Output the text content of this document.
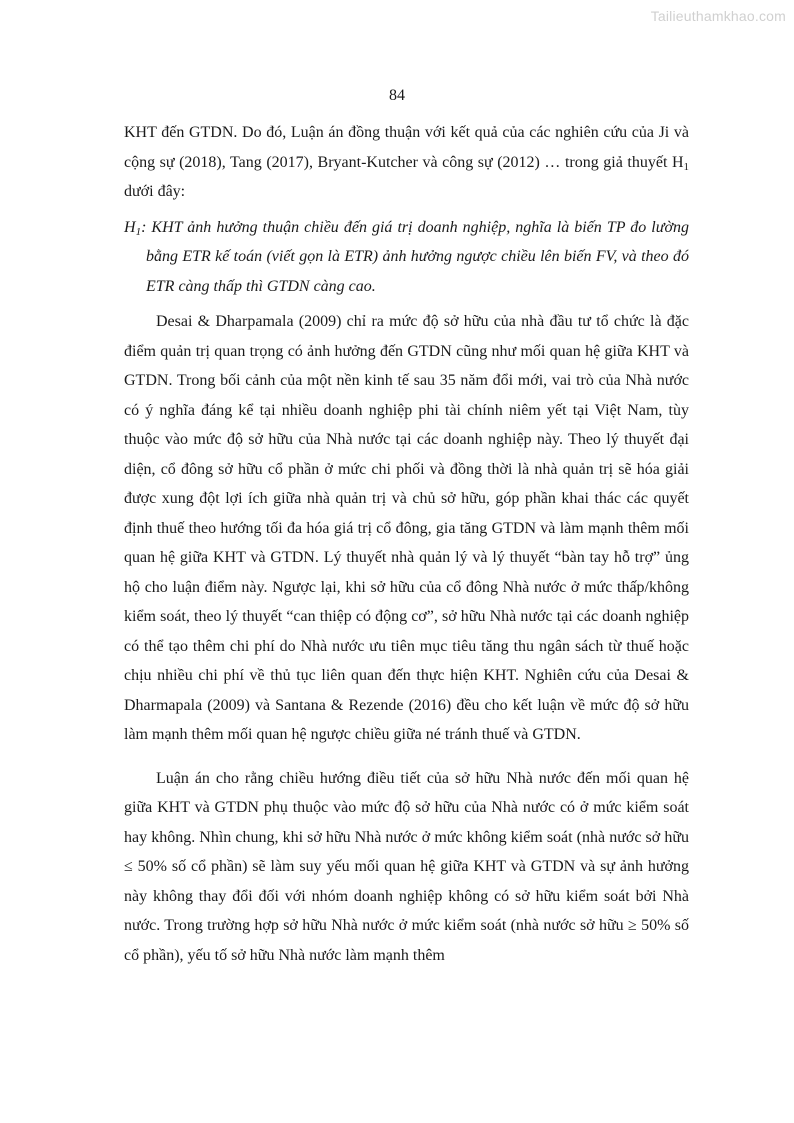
Tailieuthamkhao.com
84

KHT đến GTDN. Do đó, Luận án đồng thuận với kết quả của các nghiên cứu của Ji và cộng sự (2018), Tang (2017), Bryant-Kutcher và công sự (2012) … trong giả thuyết $H_1$ dưới đây:

$H_1$: KHT ảnh hưởng thuận chiều đến giá trị doanh nghiệp, nghĩa là biến TP đo lường bằng ETR kế toán (viết gọn là ETR) ảnh hưởng ngược chiều lên biến FV, và theo đó ETR càng thấp thì GTDN càng cao.

Desai & Dharpamala (2009) chỉ ra mức độ sở hữu của nhà đầu tư tổ chức là đặc điểm quản trị quan trọng có ảnh hưởng đến GTDN cũng như mối quan hệ giữa KHT và GTDN. Trong bối cảnh của một nền kinh tế sau 35 năm đổi mới, vai trò của Nhà nước có ý nghĩa đáng kể tại nhiều doanh nghiệp phi tài chính niêm yết tại Việt Nam, tùy thuộc vào mức độ sở hữu của Nhà nước tại các doanh nghiệp này. Theo lý thuyết đại diện, cổ đông sở hữu cổ phần ở mức chi phối và đồng thời là nhà quản trị sẽ hóa giải được xung đột lợi ích giữa nhà quản trị và chủ sở hữu, góp phần khai thác các quyết định thuế theo hướng tối đa hóa giá trị cổ đông, gia tăng GTDN và làm mạnh thêm mối quan hệ giữa KHT và GTDN. Lý thuyết nhà quản lý và lý thuyết “bàn tay hỗ trợ” ủng hộ cho luận điểm này. Ngược lại, khi sở hữu của cổ đông Nhà nước ở mức thấp/không kiểm soát, theo lý thuyết “can thiệp có động cơ”, sở hữu Nhà nước tại các doanh nghiệp có thể tạo thêm chi phí do Nhà nước ưu tiên mục tiêu tăng thu ngân sách từ thuế hoặc chịu nhiều chi phí về thủ tục liên quan đến thực hiện KHT. Nghiên cứu của Desai & Dharmapala (2009) và Santana & Rezende (2016) đều cho kết luận về mức độ sở hữu làm mạnh thêm mối quan hệ ngược chiều giữa né tránh thuế và GTDN.

Luận án cho rằng chiều hướng điều tiết của sở hữu Nhà nước đến mối quan hệ giữa KHT và GTDN phụ thuộc vào mức độ sở hữu của Nhà nước có ở mức kiểm soát hay không. Nhìn chung, khi sở hữu Nhà nước ở mức không kiểm soát (nhà nước sở hữu ≤ 50% số cổ phần) sẽ làm suy yếu mối quan hệ giữa KHT và GTDN và sự ảnh hưởng này không thay đổi đối với nhóm doanh nghiệp không có sở hữu kiểm soát bởi Nhà nước. Trong trường hợp sở hữu Nhà nước ở mức kiểm soát (nhà nước sở hữu ≥ 50% số cổ phần), yếu tố sở hữu Nhà nước làm mạnh thêm
